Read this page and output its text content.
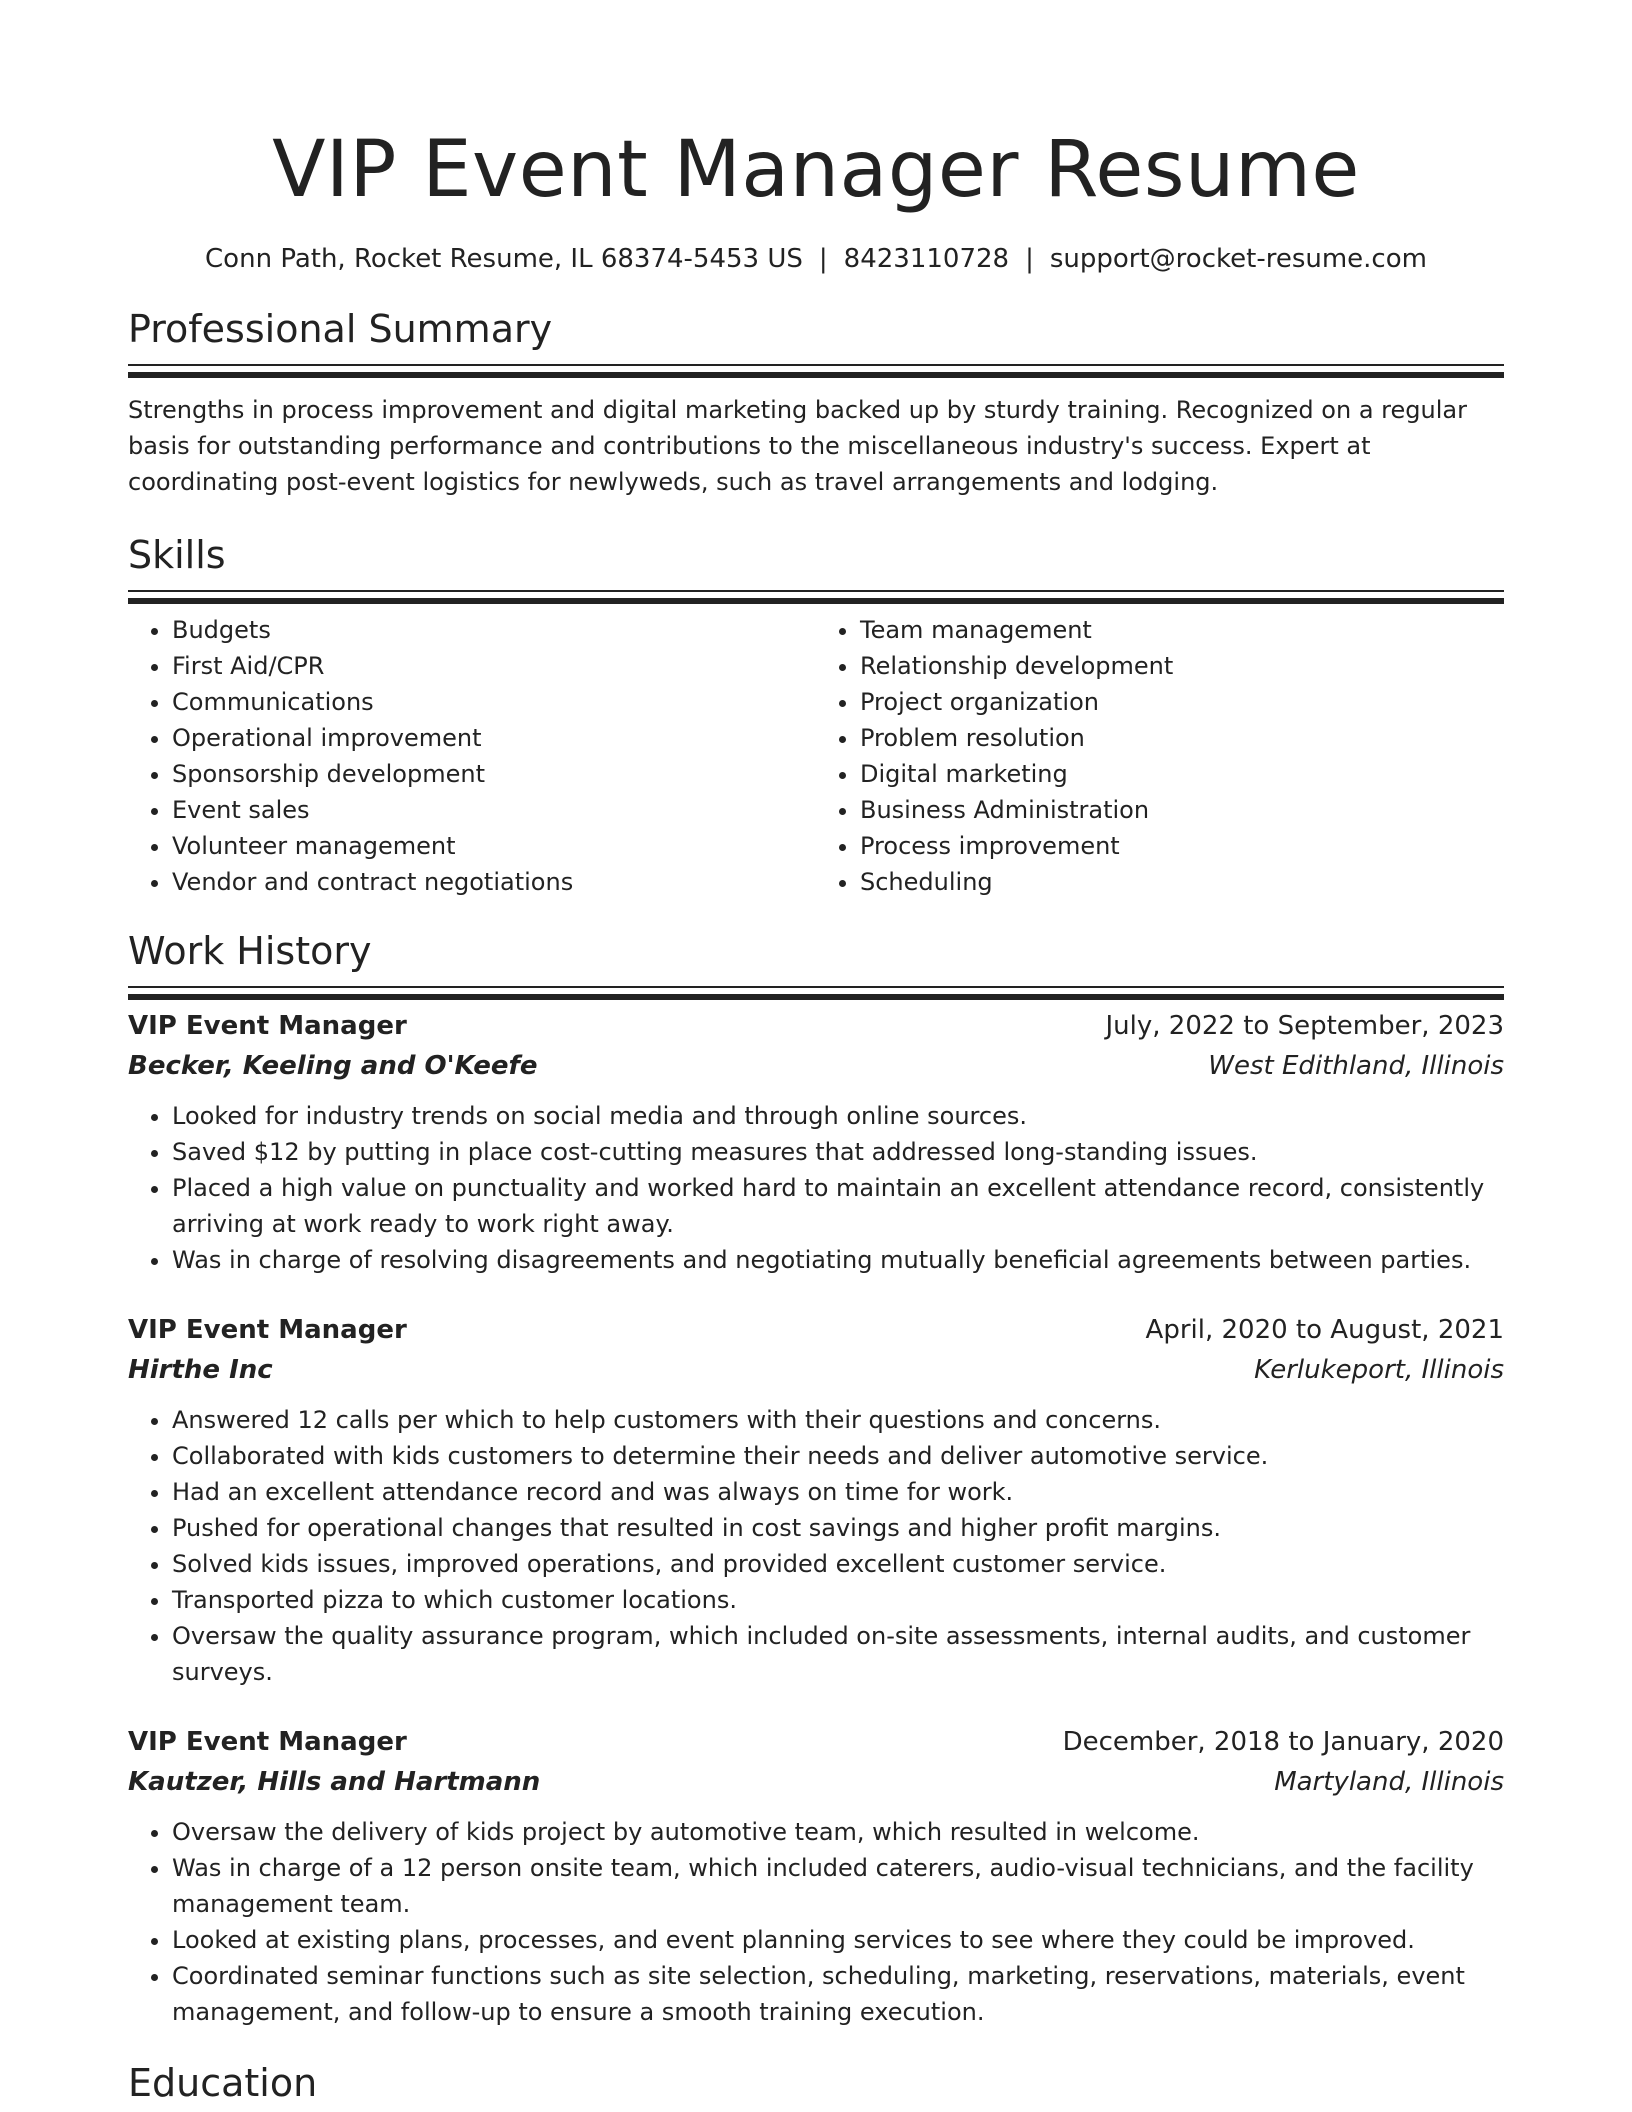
VIP Event Manager Resume
Conn Path, Rocket Resume, IL 68374-5453 US | 8423110728 | support@rocket-resume.com
Professional Summary

Strengths in process improvement and digital marketing backed up by sturdy training. Recognized on a regular basis for outstanding performance and contributions to the miscellaneous industry's success. Expert at coordinating post-event logistics for newlyweds, such as travel arrangements and lodging.

Skills
• Budgets
• First Aid/CPR
• Communications
• Operational improvement
• Sponsorship development
• Event sales
• Volunteer management
• Vendor and contract negotiations
• Team management
• Relationship development
• Project organization
• Problem resolution
• Digital marketing
• Business Administration
• Process improvement
• Scheduling
Work History
VIP Event Manager	July, 2022 to September, 2023
Becker, Keeling and O'Keefe	West Edithland, Illinois
• Looked for industry trends on social media and through online sources.
• Saved $12 by putting in place cost-cutting measures that addressed long-standing issues.
• Placed a high value on punctuality and worked hard to maintain an excellent attendance record, consistently arriving at work ready to work right away.
• Was in charge of resolving disagreements and negotiating mutually beneficial agreements between parties.
VIP Event Manager	April, 2020 to August, 2021
Hirthe Inc	Kerlukeport, Illinois
• Answered 12 calls per which to help customers with their questions and concerns.
• Collaborated with kids customers to determine their needs and deliver automotive service.
• Had an excellent attendance record and was always on time for work.
• Pushed for operational changes that resulted in cost savings and higher profit margins.
• Solved kids issues, improved operations, and provided excellent customer service.
• Transported pizza to which customer locations.
• Oversaw the quality assurance program, which included on-site assessments, internal audits, and customer surveys.
VIP Event Manager	December, 2018 to January, 2020
Kautzer, Hills and Hartmann	Martyland, Illinois
• Oversaw the delivery of kids project by automotive team, which resulted in welcome.
• Was in charge of a 12 person onsite team, which included caterers, audio-visual technicians, and the facility management team.
• Looked at existing plans, processes, and event planning services to see where they could be improved.
• Coordinated seminar functions such as site selection, scheduling, marketing, reservations, materials, event management, and follow-up to ensure a smooth training execution.
Education
